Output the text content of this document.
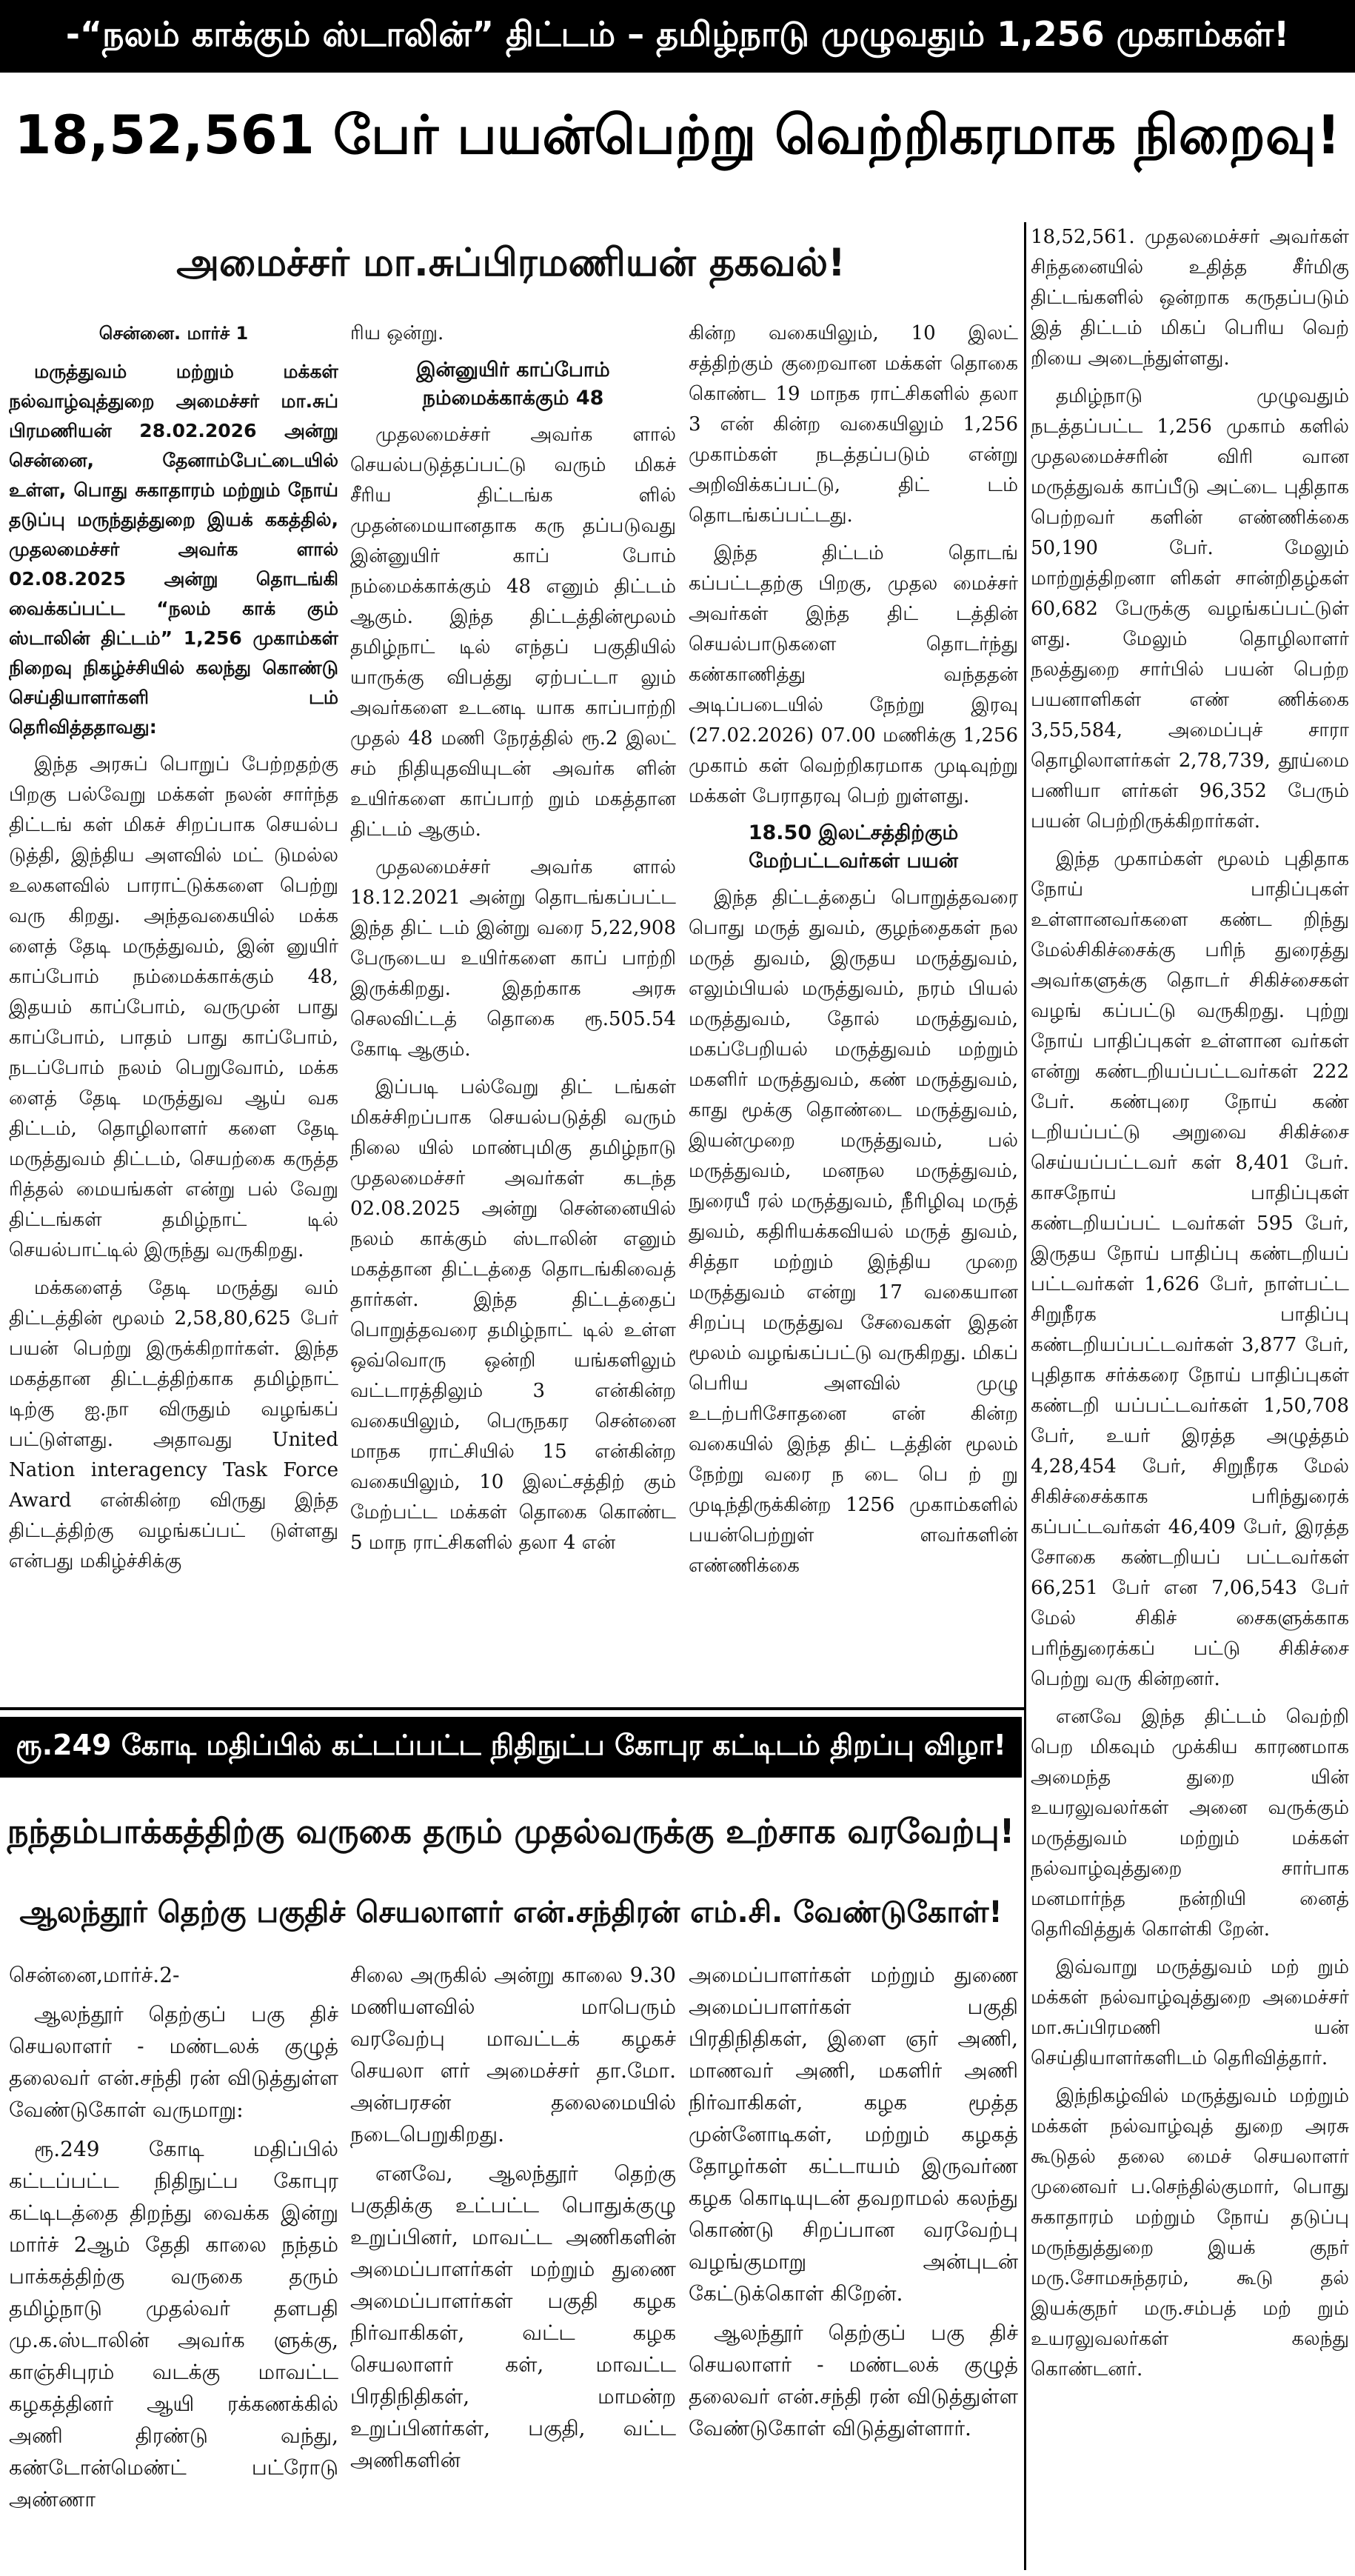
-“நலம் காக்கும் ஸ்டாலின்” திட்டம் – தமிழ்நாடு முழுவதும் 1,256 முகாம்கள்!
18,52,561 பேர் பயன்பெற்று வெற்றிகரமாக நிறைவு!
அமைச்சர் மா.சுப்பிரமணியன் தகவல்!

சென்னை. மார்ச் 1

மருத்துவம் மற்றும் மக்கள் நல்வாழ்வுத்துறை அமைச்சர் மா.சுப் பிரமணியன் 28.02.2026 அன்று சென்னை, தேனாம்பேட்டையில் உள்ள, பொது சுகாதாரம் மற்றும் நோய் தடுப்பு மருந்துத்துறை இயக் ககத்தில், முதலமைச்சர் அவர்க ளால் 02.08.2025 அன்று தொடங்கி வைக்கப்பட்ட “நலம் காக் கும் ஸ்டாலின் திட்டம்” 1,256 முகாம்கள் நிறைவு நிகழ்ச்சியில் கலந்து கொண்டு செய்தியாளர்களி டம் தெரிவித்ததாவது:

இந்த அரசுப் பொறுப் பேற்றதற்கு பிறகு பல்வேறு மக்கள் நலன் சார்ந்த திட்டங் கள் மிகச் சிறப்பாக செயல்ப டுத்தி, இந்திய அளவில் மட் டுமல்ல உலகளவில் பாராட்டுக்களை பெற்று வரு கிறது. அந்தவகையில் மக்க ளைத் தேடி மருத்துவம், இன் னுயிர் காப்போம் நம்மைக்காக்கும் 48, இதயம் காப்போம், வருமுன் பாது காப்போம், பாதம் பாது காப்போம், நடப்போம் நலம் பெறுவோம், மக்க ளைத் தேடி மருத்துவ ஆய் வக திட்டம், தொழிலாளர் களை தேடி மருத்துவம் திட்டம், செயற்கை கருத்த ரித்தல் மையங்கள் என்று பல் வேறு திட்டங்கள் தமிழ்நாட் டில் செயல்பாட்டில் இருந்து வருகிறது.

மக்களைத் தேடி மருத்து வம் திட்டத்தின் மூலம் 2,58,80,625 பேர் பயன் பெற்று இருக்கிறார்கள். இந்த மகத்தான திட்டத்திற்காக தமிழ்நாட் டிற்கு ஐ.நா விருதும் வழங்கப் பட்டுள்ளது. அதாவது United Nation interagency Task Force Award என்கின்ற விருது இந்த திட்டத்திற்கு வழங்கப்பட் டுள்ளது என்பது மகிழ்ச்சிக்கு

ரிய ஒன்று.

இன்னுயிர் காப்போம் நம்மைக்காக்கும் 48

முதலமைச்சர் அவர்க ளால் செயல்படுத்தப்பட்டு வரும் மிகச் சீரிய திட்டங்க ளில் முதன்மையானதாக கரு தப்படுவது இன்னுயிர் காப் போம் நம்மைக்காக்கும் 48 எனும் திட்டம் ஆகும். இந்த திட்டத்தின்மூலம் தமிழ்நாட் டில் எந்தப் பகுதியில் யாருக்கு விபத்து ஏற்பட்டா லும் அவர்களை உடனடி யாக காப்பாற்றி முதல் 48 மணி நேரத்தில் ரூ.2 இலட் சம் நிதியுதவியுடன் அவர்க ளின் உயிர்களை காப்பாற் றும் மகத்தான திட்டம் ஆகும்.

முதலமைச்சர் அவர்க ளால் 18.12.2021 அன்று தொடங்கப்பட்ட இந்த திட் டம் இன்று வரை 5,22,908 பேருடைய உயிர்களை காப் பாற்றி இருக்கிறது. இதற்காக அரசு செலவிட்டத் தொகை ரூ.505.54 கோடி ஆகும்.

இப்படி பல்வேறு திட் டங்கள் மிகச்சிறப்பாக செயல்படுத்தி வரும் நிலை யில் மாண்புமிகு தமிழ்நாடு முதலமைச்சர் அவர்கள் கடந்த 02.08.2025 அன்று சென்னையில் நலம் காக்கும் ஸ்டாலின் எனும் மகத்தான திட்டத்தை தொடங்கிவைத் தார்கள். இந்த திட்டத்தைப் பொறுத்தவரை தமிழ்நாட் டில் உள்ள ஒவ்வொரு ஒன்றி யங்களிலும் வட்டாரத்திலும் 3 என்கின்ற வகையிலும், பெருநகர சென்னை மாநக ராட்சியில் 15 என்கின்ற வகையிலும், 10 இலட்சத்திற் கும் மேற்பட்ட மக்கள் தொகை கொண்ட 5 மாந ராட்சிகளில் தலா 4 என்

கின்ற வகையிலும், 10 இலட் சத்திற்கும் குறைவான மக்கள் தொகை கொண்ட 19 மாநக ராட்சிகளில் தலா 3 என் கின்ற வகையிலும் 1,256 முகாம்கள் நடத்தப்படும் என்று அறிவிக்கப்பட்டு, திட் டம் தொடங்கப்பட்டது.

இந்த திட்டம் தொடங் கப்பட்டதற்கு பிறகு, முதல மைச்சர் அவர்கள் இந்த திட் டத்தின் செயல்பாடுகளை தொடர்ந்து கண்காணித்து வந்ததன் அடிப்படையில் நேற்று இரவு (27.02.2026) 07.00 மணிக்கு 1,256 முகாம் கள் வெற்றிகரமாக முடிவுற்று மக்கள் பேராதரவு பெற் றுள்ளது.

18.50 இலட்சத்திற்கும் மேற்பட்டவர்கள் பயன்

இந்த திட்டத்தைப் பொறுத்தவரை பொது மருத் துவம், குழந்தைகள் நல மருத் துவம், இருதய மருத்துவம், எலும்பியல் மருத்துவம், நரம் பியல் மருத்துவம், தோல் மருத்துவம், மகப்பேறியல் மருத்துவம் மற்றும் மகளிர் மருத்துவம், கண் மருத்துவம், காது மூக்கு தொண்டை மருத்துவம், இயன்முறை மருத்துவம், பல் மருத்துவம், மனநல மருத்துவம், நுரையீ ரல் மருத்துவம், நீரிழிவு மருத் துவம், கதிரியக்கவியல் மருத் துவம், சித்தா மற்றும் இந்திய முறை மருத்துவம் என்று 17 வகையான சிறப்பு மருத்துவ சேவைகள் இதன் மூலம் வழங்கப்பட்டு வருகிறது. மிகப் பெரிய அளவில் முழு உடற்பரிசோதனை என் கின்ற வகையில் இந்த திட் டத்தின் மூலம் நேற்று வரை ந டை பெ ற் று முடிந்திருக்கின்ற 1256 முகாம்களில் பயன்பெற்றுள் ளவர்களின் எண்ணிக்கை

18,52,561. முதலமைச்சர் அவர்கள் சிந்தனையில் உதித்த சீர்மிகு திட்டங்களில் ஒன்றாக கருதப்படும் இத் திட்டம் மிகப் பெரிய வெற் றியை அடைந்துள்ளது.

தமிழ்நாடு முழுவதும் நடத்தப்பட்ட 1,256 முகாம் களில் முதலமைச்சரின் விரி வான மருத்துவக் காப்பீடு அட்டை புதிதாக பெற்றவர் களின் எண்ணிக்கை 50,190 பேர். மேலும் மாற்றுத்திறனா ளிகள் சான்றிதழ்கள் 60,682 பேருக்கு வழங்கப்பட்டுள் ளது. மேலும் தொழிலாளர் நலத்துறை சார்பில் பயன் பெற்ற பயனாளிகள் எண் ணிக்கை 3,55,584, அமைப்புச் சாரா தொழிலாளர்கள் 2,78,739, தூய்மை பணியா ளர்கள் 96,352 பேரும் பயன் பெற்றிருக்கிறார்கள்.

இந்த முகாம்கள் மூலம் புதிதாக நோய் பாதிப்புகள் உள்ளானவர்களை கண்ட றிந்து மேல்சிகிச்சைக்கு பரிந் துரைத்து அவர்களுக்கு தொடர் சிகிச்சைகள் வழங் கப்பட்டு வருகிறது. புற்று நோய் பாதிப்புகள் உள்ளான வர்கள் என்று கண்டறியப்பட்டவர்கள் 222 பேர். கண்புரை நோய் கண் டறியப்பட்டு அறுவை சிகிச்சை செய்யப்பட்டவர் கள் 8,401 பேர். காசநோய் பாதிப்புகள் கண்டறியப்பட் டவர்கள் 595 பேர், இருதய நோய் பாதிப்பு கண்டறியப் பட்டவர்கள் 1,626 பேர், நாள்பட்ட சிறுநீரக பாதிப்பு கண்டறியப்பட்டவர்கள் 3,877 பேர், புதிதாக சர்க்கரை நோய் பாதிப்புகள் கண்டறி யப்பட்டவர்கள் 1,50,708 பேர், உயர் இரத்த அழுத்தம் 4,28,454 பேர், சிறுநீரக மேல் சிகிச்சைக்காக பரிந்துரைக் கப்பட்டவர்கள் 46,409 பேர், இரத்த சோகை கண்டறியப் பட்டவர்கள் 66,251 பேர் என 7,06,543 பேர் மேல் சிகிச் சைகளுக்காக பரிந்துரைக்கப் பட்டு சிகிச்சை பெற்று வரு கின்றனர்.

எனவே இந்த திட்டம் வெற்றி பெற மிகவும் முக்கிய காரணமாக அமைந்த துறை யின் உயரலுவலர்கள் அனை வருக்கும் மருத்துவம் மற்றும் மக்கள் நல்வாழ்வுத்துறை சார்பாக மனமார்ந்த நன்றியி னைத் தெரிவித்துக் கொள்கி றேன்.

இவ்வாறு மருத்துவம் மற் றும் மக்கள் நல்வாழ்வுத்துறை அமைச்சர் மா.சுப்பிரமணி யன் செய்தியாளர்களிடம் தெரிவித்தார்.

இந்நிகழ்வில் மருத்துவம் மற்றும் மக்கள் நல்வாழ்வுத் துறை அரசு கூடுதல் தலை மைச் செயலாளர் முனைவர் ப.செந்தில்குமார், பொது சுகாதாரம் மற்றும் நோய் தடுப்பு மருந்துத்துறை இயக் குநர் மரு.சோமசுந்தரம், கூடு தல் இயக்குநர் மரு.சம்பத் மற் றும் உயரலுவலர்கள் கலந்து கொண்டனர்.

ரூ.249 கோடி மதிப்பில் கட்டப்பட்ட நிதிநுட்ப கோபுர கட்டிடம் திறப்பு விழா!
நந்தம்பாக்கத்திற்கு வருகை தரும் முதல்வருக்கு உற்சாக வரவேற்பு!
ஆலந்தூர் தெற்கு பகுதிச் செயலாளர் என்.சந்திரன் எம்.சி. வேண்டுகோள்!

சென்னை,மார்ச்.2-

ஆலந்தூர் தெற்குப் பகு திச் செயலாளர் - மண்டலக் குழுத் தலைவர் என்.சந்தி ரன் விடுத்துள்ள வேண்டுகோள் வருமாறு:

ரூ.249 கோடி மதிப்பில் கட்டப்பட்ட நிதிநுட்ப கோபுர கட்டிடத்தை திறந்து வைக்க இன்று மார்ச் 2ஆம் தேதி காலை நந்தம் பாக்கத்திற்கு வருகை தரும் தமிழ்நாடு முதல்வர் தளபதி மு.க.ஸ்டாலின் அவர்க ளுக்கு, காஞ்சிபுரம் வடக்கு மாவட்ட கழகத்தினர் ஆயி ரக்கணக்கில் அணி திரண்டு வந்து, கண்டோன்மெண்ட் பட்ரோடு அண்ணா

சிலை அருகில் அன்று காலை 9.30 மணியளவில் மாபெரும் வரவேற்பு மாவட்டக் கழகச் செயலா ளர் அமைச்சர் தா.மோ. அன்பரசன் தலைமையில் நடைபெறுகிறது.

எனவே, ஆலந்தூர் தெற்கு பகுதிக்கு உட்பட்ட பொதுக்குழு உறுப்பினர், மாவட்ட அணிகளின் அமைப்பாளர்கள் மற்றும் துணை அமைப்பாளர்கள் பகுதி கழக நிர்வாகிகள், வட்ட கழக செயலாளர் கள், மாவட்ட பிரதிநிதிகள், மாமன்ற உறுப்பினர்கள், பகுதி, வட்ட அணிகளின்

அமைப்பாளர்கள் மற்றும் துணை அமைப்பாளர்கள் பகுதி பிரதிநிதிகள், இளை ஞர் அணி, மாணவர் அணி, மகளிர் அணி நிர்வாகிகள், கழக மூத்த முன்னோடிகள், மற்றும் கழகத் தோழர்கள் கட்டாயம் இருவர்ண கழக கொடியுடன் தவறாமல் கலந்து கொண்டு சிறப்பான வரவேற்பு வழங்குமாறு அன்புடன் கேட்டுக்கொள் கிறேன்.

ஆலந்தூர் தெற்குப் பகு திச் செயலாளர் - மண்டலக் குழுத் தலைவர் என்.சந்தி ரன் விடுத்துள்ள வேண்டுகோள் விடுத்துள்ளார்.
